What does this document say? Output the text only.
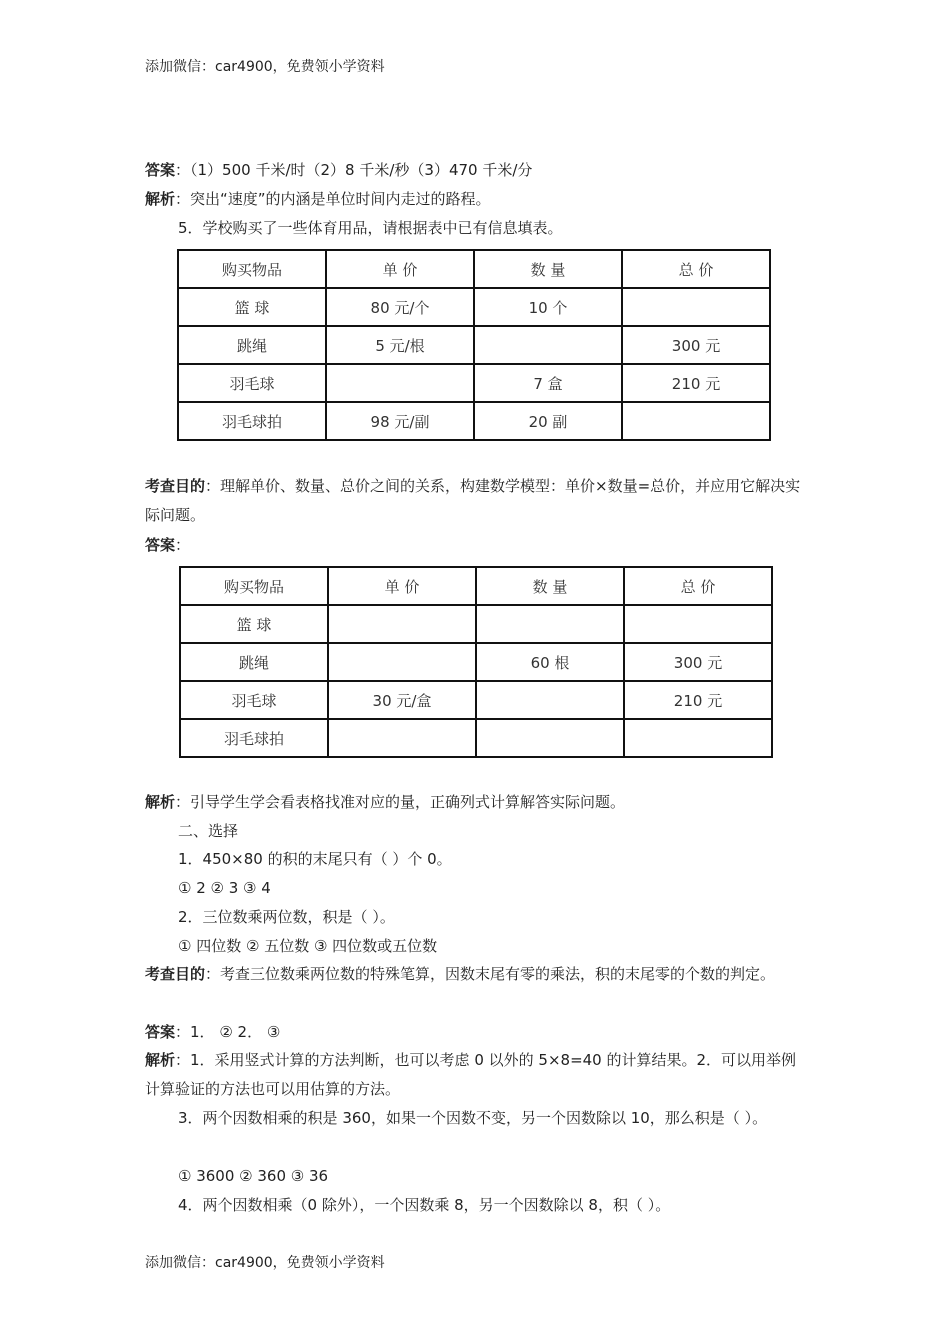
添加微信：car4900，免费领小学资料
答案：（1）500 千米/时（2）8 千米/秒（3）470 千米/分
解析：突出“速度”的内涵是单位时间内走过的路程。
5．学校购买了一些体育用品，请根据表中已有信息填表。
购买物品	单 价	数 量	总 价
篮 球	80 元/个	10 个	
跳绳	5 元/根		300 元
羽毛球		7 盒	210 元
羽毛球拍	98 元/副	20 副	
考查目的：理解单价、数量、总价之间的关系，构建数学模型：单价×数量=总价，并应用它解决实际问题。
答案：
购买物品	单 价	数 量	总 价
篮 球			
跳绳		60 根	300 元
羽毛球	30 元/盒		210 元
羽毛球拍			
解析：引导学生学会看表格找准对应的量，正确列式计算解答实际问题。
二、选择
1．450×80 的积的末尾只有（ ）个 0。
① 2 ② 3 ③ 4
2．三位数乘两位数，积是（ ）。
① 四位数 ② 五位数 ③ 四位数或五位数
考查目的：考查三位数乘两位数的特殊笔算，因数末尾有零的乘法，积的末尾零的个数的判定。
答案：1． ② 2． ③
解析：1．采用竖式计算的方法判断，也可以考虑 0 以外的 5×8=40 的计算结果。2．可以用举例计算验证的方法也可以用估算的方法。
3．两个因数相乘的积是 360，如果一个因数不变，另一个因数除以 10，那么积是（ ）。
① 3600 ② 360 ③ 36
4．两个因数相乘（0 除外），一个因数乘 8，另一个因数除以 8，积（ ）。
添加微信：car4900，免费领小学资料
